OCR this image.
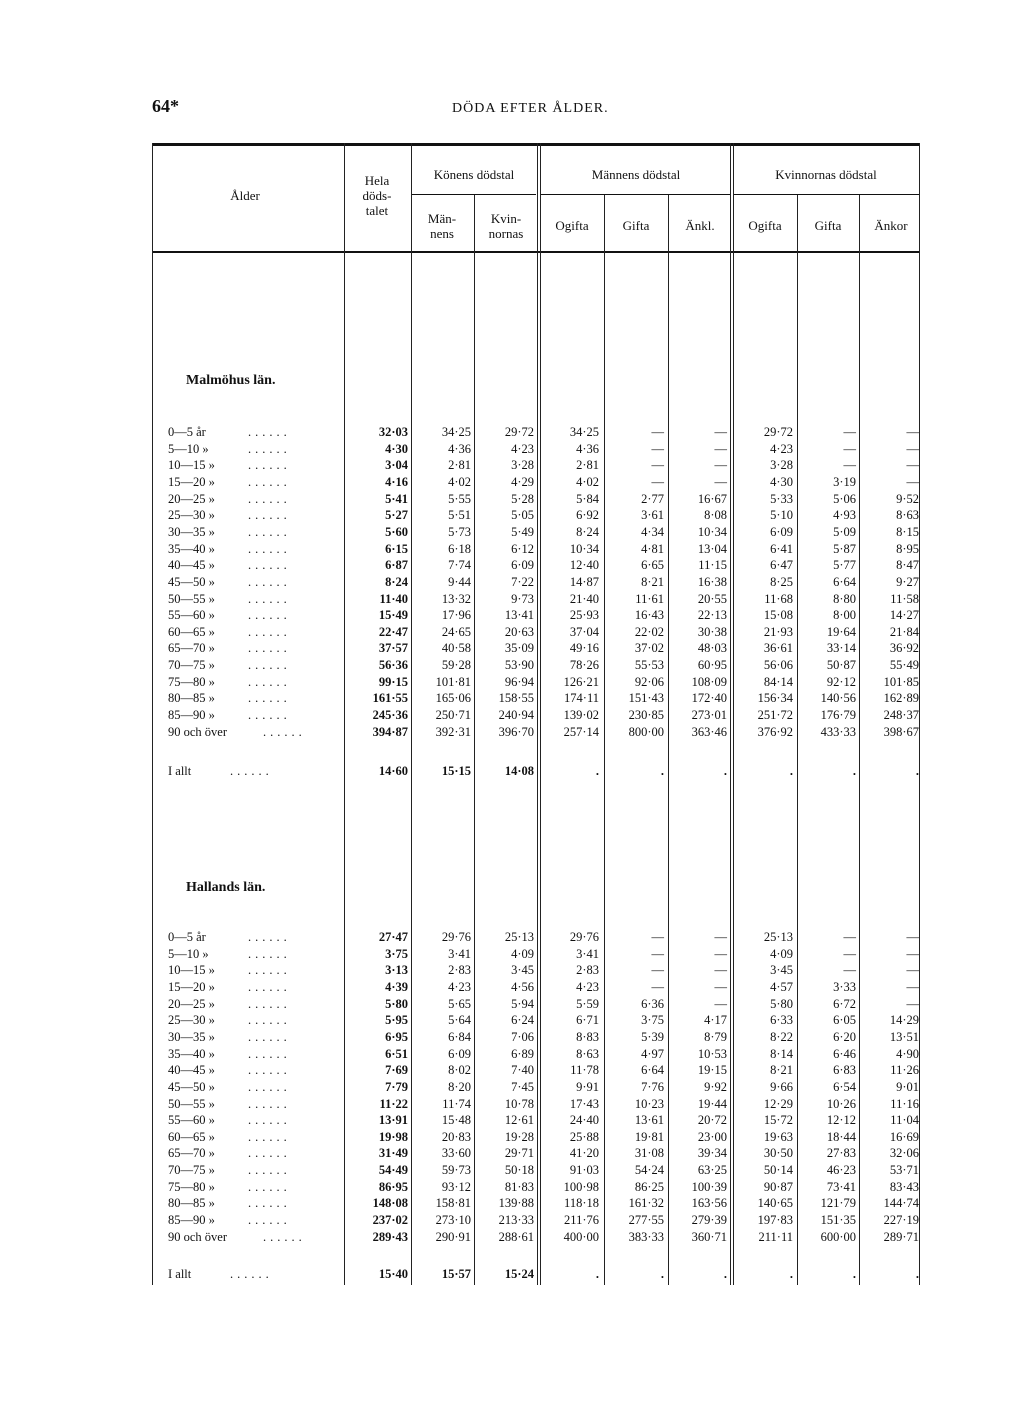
64*	DÖDA EFTER ÅLDER.
Ålder
Hela
döds-
talet
Könens dödstal
Män-
nens
Kvin-
nornas
Männens dödstal	Kvinnornas dödstal
Ogifta	Gifta	Änkl.	Ogifta	Gifta	Änkor
Malmöhus län.
Hallands län.
0—5 år	......	32·03	34·25	29·72	34·25	—	—	29·72	—	—
5—10 »	......	4·30	4·36	4·23	4·36	—	—	4·23	—	—
10—15 »	......	3·04	2·81	3·28	2·81	—	—	3·28	—	—
15—20 »	......	4·16	4·02	4·29	4·02	—	—	4·30	3·19	—
20—25 »	......	5·41	5·55	5·28	5·84	2·77	16·67	5·33	5·06	9·52
25—30 »	......	5·27	5·51	5·05	6·92	3·61	8·08	5·10	4·93	8·63
30—35 »	......	5·60	5·73	5·49	8·24	4·34	10·34	6·09	5·09	8·15
35—40 »	......	6·15	6·18	6·12	10·34	4·81	13·04	6·41	5·87	8·95
40—45 »	......	6·87	7·74	6·09	12·40	6·65	11·15	6·47	5·77	8·47
45—50 »	......	8·24	9·44	7·22	14·87	8·21	16·38	8·25	6·64	9·27
50—55 »	......	11·40	13·32	9·73	21·40	11·61	20·55	11·68	8·80	11·58
55—60 »	......	15·49	17·96	13·41	25·93	16·43	22·13	15·08	8·00	14·27
60—65 »	......	22·47	24·65	20·63	37·04	22·02	30·38	21·93	19·64	21·84
65—70 »	......	37·57	40·58	35·09	49·16	37·02	48·03	36·61	33·14	36·92
70—75 »	......	56·36	59·28	53·90	78·26	55·53	60·95	56·06	50·87	55·49
75—80 »	......	99·15	101·81	96·94	126·21	92·06	108·09	84·14	92·12	101·85
80—85 »	......	161·55	165·06	158·55	174·11	151·43	172·40	156·34	140·56	162·89
85—90 »	......	245·36	250·71	240·94	139·02	230·85	273·01	251·72	176·79	248·37
90 och över	......	394·87	392·31	396·70	257·14	800·00	363·46	376·92	433·33	398·67
I allt	......	14·60	15·15	14·08	.	.	.	.	.	.
0—5 år	......	27·47	29·76	25·13	29·76	—	—	25·13	—	—
5—10 »	......	3·75	3·41	4·09	3·41	—	—	4·09	—	—
10—15 »	......	3·13	2·83	3·45	2·83	—	—	3·45	—	—
15—20 »	......	4·39	4·23	4·56	4·23	—	—	4·57	3·33	—
20—25 »	......	5·80	5·65	5·94	5·59	6·36	—	5·80	6·72	—
25—30 »	......	5·95	5·64	6·24	6·71	3·75	4·17	6·33	6·05	14·29
30—35 »	......	6·95	6·84	7·06	8·83	5·39	8·79	8·22	6·20	13·51
35—40 »	......	6·51	6·09	6·89	8·63	4·97	10·53	8·14	6·46	4·90
40—45 »	......	7·69	8·02	7·40	11·78	6·64	19·15	8·21	6·83	11·26
45—50 »	......	7·79	8·20	7·45	9·91	7·76	9·92	9·66	6·54	9·01
50—55 »	......	11·22	11·74	10·78	17·43	10·23	19·44	12·29	10·26	11·16
55—60 »	......	13·91	15·48	12·61	24·40	13·61	20·72	15·72	12·12	11·04
60—65 »	......	19·98	20·83	19·28	25·88	19·81	23·00	19·63	18·44	16·69
65—70 »	......	31·49	33·60	29·71	41·20	31·08	39·34	30·50	27·83	32·06
70—75 »	......	54·49	59·73	50·18	91·03	54·24	63·25	50·14	46·23	53·71
75—80 »	......	86·95	93·12	81·83	100·98	86·25	100·39	90·87	73·41	83·43
80—85 »	......	148·08	158·81	139·88	118·18	161·32	163·56	140·65	121·79	144·74
85—90 »	......	237·02	273·10	213·33	211·76	277·55	279·39	197·83	151·35	227·19
90 och över	......	289·43	290·91	288·61	400·00	383·33	360·71	211·11	600·00	289·71
I allt	......	15·40	15·57	15·24	.	.	.	.	.	.
